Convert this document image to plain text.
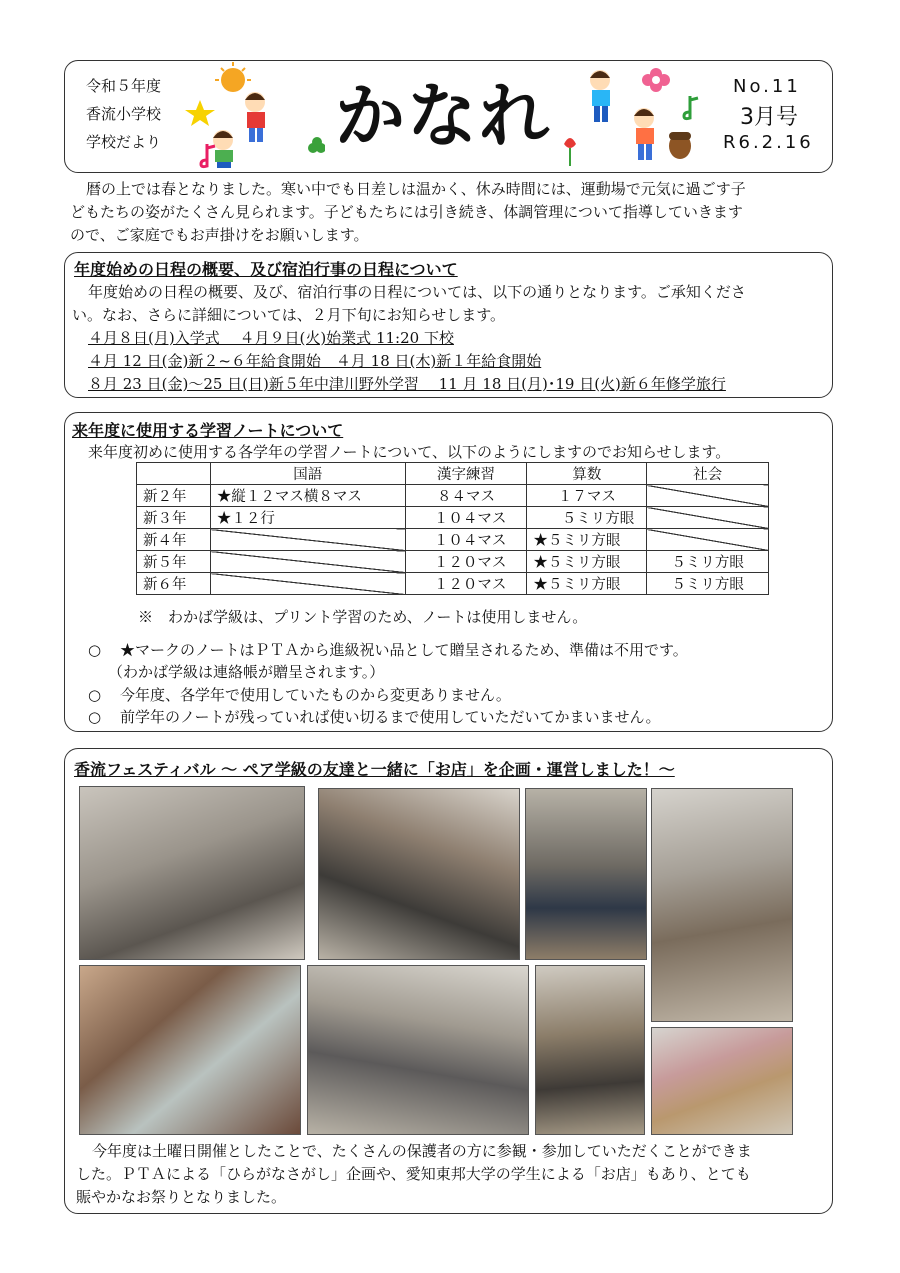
令和５年度
香流小学校
学校だより かなれ	No.11
3月号
R6.2.16
暦の上では春となりました。寒い中でも日差しは温かく、休み時間には、運動場で元気に過ごす子
どもたちの姿がたくさん見られます。子どもたちには引き続き、体調管理について指導していきます
ので、ご家庭でもお声掛けをお願いします。
年度始めの日程の概要、及び宿泊行事の日程について
年度始めの日程の概要、及び、宿泊行事の日程については、以下の通りとなります。ご承知くださ
い。なお、さらに詳細については、２月下旬にお知らせします。
４月８日(月)入学式　 ４月９日(火)始業式 11:20 下校
４月 12 日(金)新２~６年給食開始　４月 18 日(木)新１年給食開始
８月 23 日(金)～25 日(日)新５年中津川野外学習　 11 月 18 日(月)･19 日(火)新６年修学旅行
来年度に使用する学習ノートについて
来年度初めに使用する各学年の学習ノートについて、以下のようにしますのでお知らせします。
	国語	漢字練習	算数	社会
新２年	★縦１２マス横８マス	８４マス	１７マス	
新３年	★１２行	１０４マス	５ミリ方眼	
新４年		１０４マス	★５ミリ方眼	
新５年		１２０マス	★５ミリ方眼	５ミリ方眼
新６年		１２０マス	★５ミリ方眼	５ミリ方眼
※　わかば学級は、プリント学習のため、ノートは使用しません。
○ ★マークのノートはＰＴＡから進級祝い品として贈呈されるため、準備は不用です。
（わかば学級は連絡帳が贈呈されます。）
○ 今年度、各学年で使用していたものから変更ありません。
○ 前学年のノートが残っていれば使い切るまで使用していただいてかまいません。
香流フェスティバル ～ ペア学級の友達と一緒に「お店」を企画・運営しました！～
今年度は土曜日開催としたことで、たくさんの保護者の方に参観・参加していただくことができま
した。ＰＴＡによる「ひらがなさがし」企画や、愛知東邦大学の学生による「お店」もあり、とても
賑やかなお祭りとなりました。
